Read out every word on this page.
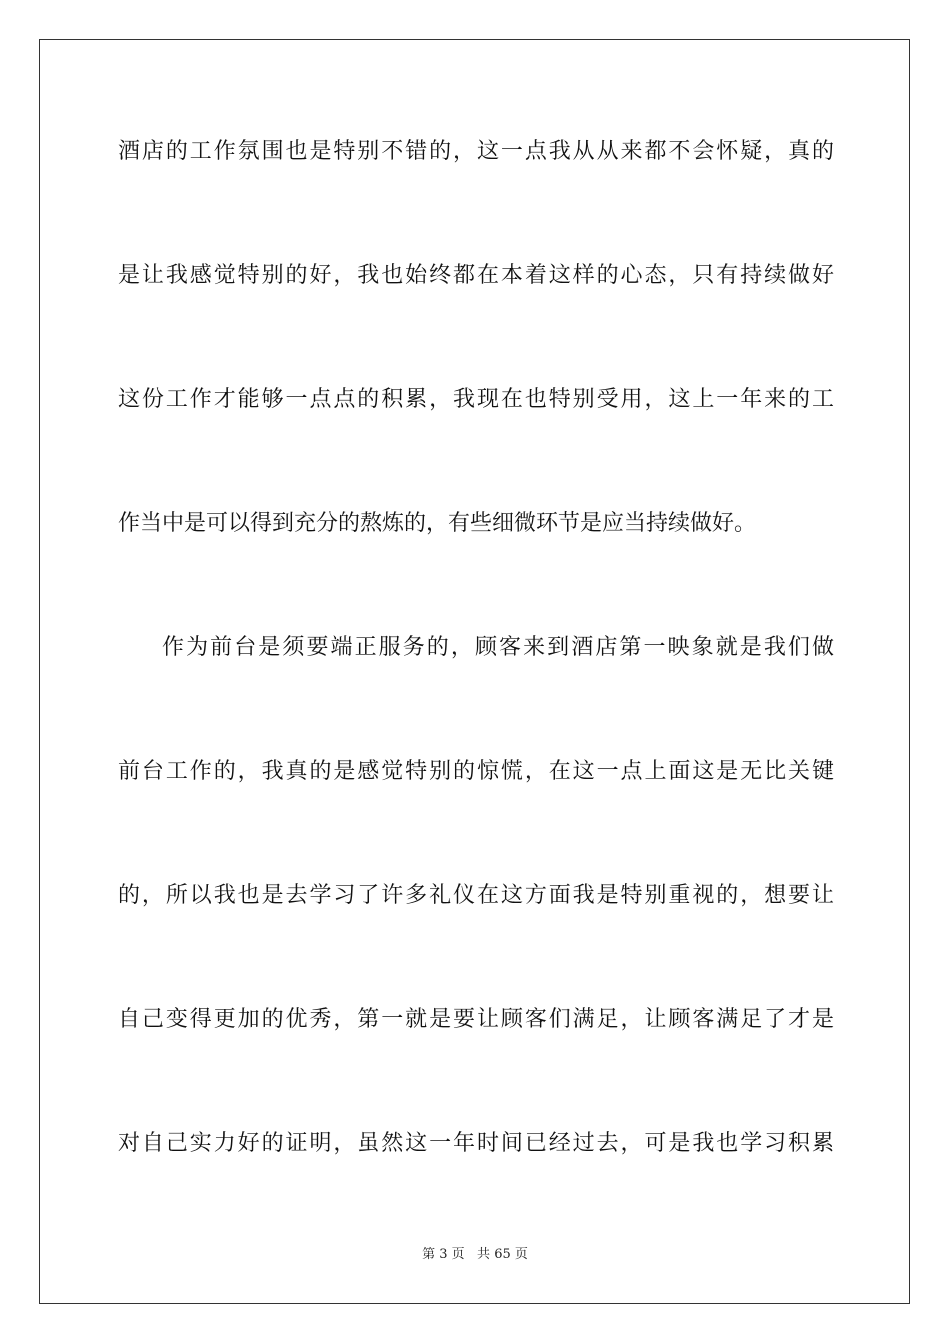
酒店的工作氛围也是特别不错的，这一点我从从来都不会怀疑，真的
是让我感觉特别的好，我也始终都在本着这样的心态，只有持续做好
这份工作才能够一点点的积累，我现在也特别受用，这上一年来的工
作当中是可以得到充分的熬炼的，有些细微环节是应当持续做好。
作为前台是须要端正服务的，顾客来到酒店第一映象就是我们做
前台工作的，我真的是感觉特别的惊慌，在这一点上面这是无比关键
的，所以我也是去学习了许多礼仪在这方面我是特别重视的，想要让
自己变得更加的优秀，第一就是要让顾客们满足，让顾客满足了才是
对自己实力好的证明，虽然这一年时间已经过去，可是我也学习积累
第 3 页   共 65 页
